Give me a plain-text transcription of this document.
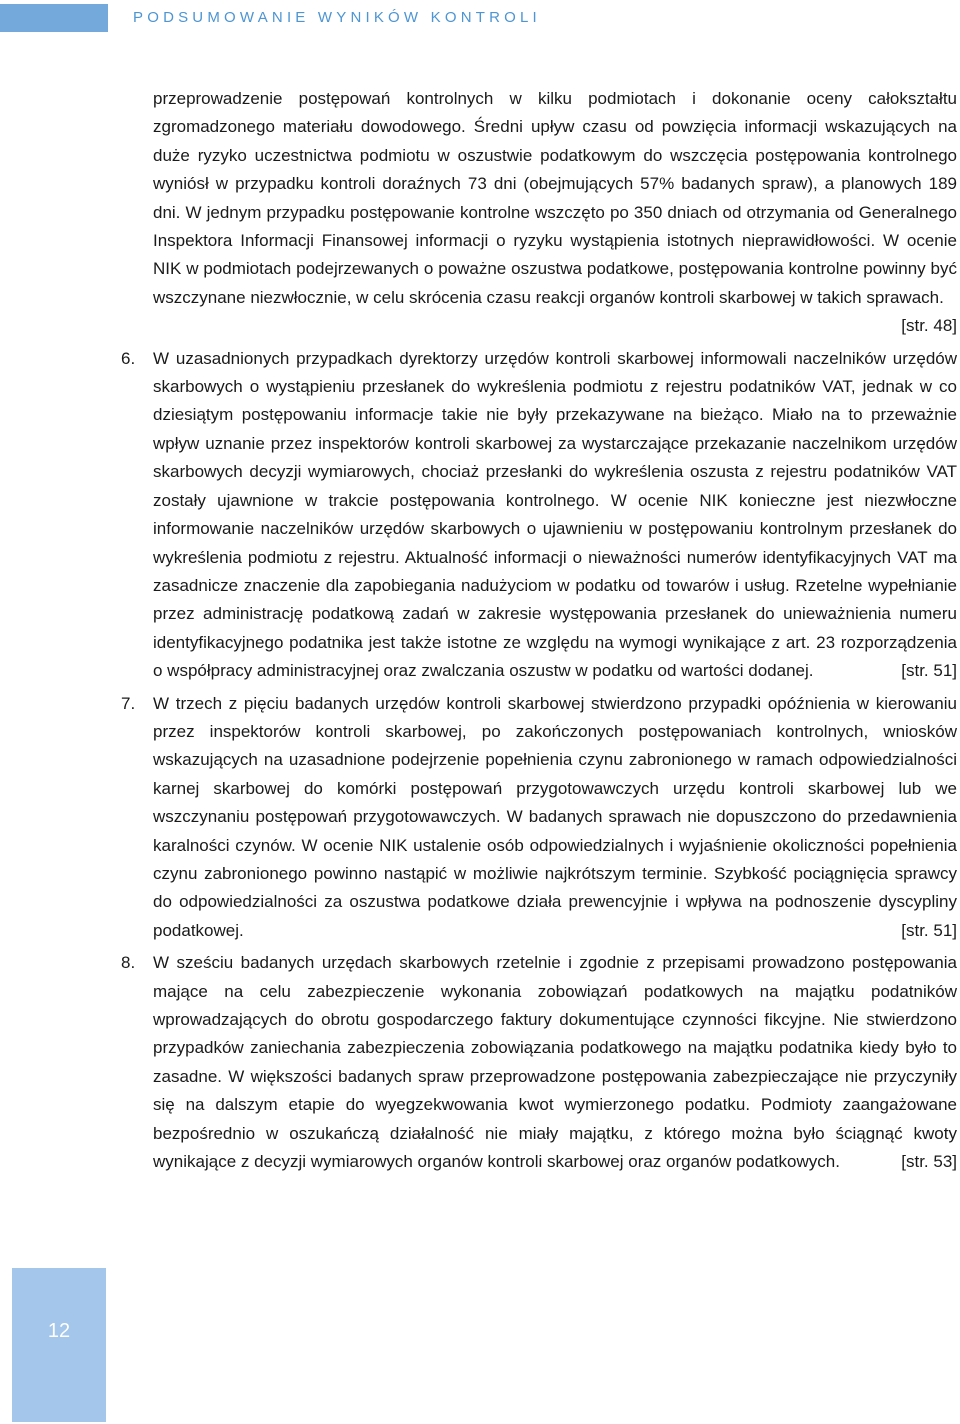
PODSUMOWANIE WYNIKÓW KONTROLI
przeprowadzenie postępowań kontrolnych w kilku podmiotach i dokonanie oceny całokształtu zgromadzonego materiału dowodowego. Średni upływ czasu od powzięcia informacji wskazujących na duże ryzyko uczestnictwa podmiotu w oszustwie podatkowym do wszczęcia postępowania kontrolnego wyniósł w przypadku kontroli doraźnych 73 dni (obejmujących 57% badanych spraw), a planowych 189 dni. W jednym przypadku postępowanie kontrolne wszczęto po 350 dniach od otrzymania od Generalnego Inspektora Informacji Finansowej informacji o ryzyku wystąpienia istotnych nieprawidłowości. W ocenie NIK w podmiotach podejrzewanych o poważne oszustwa podatkowe, postępowania kontrolne powinny być wszczynane niezwłocznie, w celu skrócenia czasu reakcji organów kontroli skarbowej w takich sprawach.
[str. 48]
6.	W uzasadnionych przypadkach dyrektorzy urzędów kontroli skarbowej informowali naczelników urzędów skarbowych o wystąpieniu przesłanek do wykreślenia podmiotu z rejestru podatników VAT, jednak w co dziesiątym postępowaniu informacje takie nie były przekazywane na bieżąco. Miało na to przeważnie wpływ uznanie przez inspektorów kontroli skarbowej za wystarczające przekazanie naczelnikom urzędów skarbowych decyzji wymiarowych, chociaż przesłanki do wykreślenia oszusta z rejestru podatników VAT zostały ujawnione w trakcie postępowania kontrolnego. W ocenie NIK konieczne jest niezwłoczne informowanie naczelników urzędów skarbowych o ujawnieniu w postępowaniu kontrolnym przesłanek do wykreślenia podmiotu z rejestru. Aktualność informacji o nieważności numerów identyfikacyjnych VAT ma zasadnicze znaczenie dla zapobiegania nadużyciom w podatku od towarów i usług. Rzetelne wypełnianie przez administrację podatkową zadań w zakresie występowania przesłanek do unieważnienia numeru identyfikacyjnego podatnika jest także istotne ze względu na wymogi wynikające z art. 23 rozporządzenia o współpracy administracyjnej oraz zwalczania oszustw w podatku od wartości dodanej.	[str. 51]
7.	W trzech z pięciu badanych urzędów kontroli skarbowej stwierdzono przypadki opóźnienia w kierowaniu przez inspektorów kontroli skarbowej, po zakończonych postępowaniach kontrolnych, wniosków wskazujących na uzasadnione podejrzenie popełnienia czynu zabronionego w ramach odpowiedzialności karnej skarbowej do komórki postępowań przygotowawczych urzędu kontroli skarbowej lub we wszczynaniu postępowań przygotowawczych. W badanych sprawach nie dopuszczono do przedawnienia karalności czynów. W ocenie NIK ustalenie osób odpowiedzialnych i wyjaśnienie okoliczności popełnienia czynu zabronionego powinno nastąpić w możliwie najkrótszym terminie. Szybkość pociągnięcia sprawcy do odpowiedzialności za oszustwa podatkowe działa prewencyjnie i wpływa na podnoszenie dyscypliny podatkowej.	[str. 51]
8.	W sześciu badanych urzędach skarbowych rzetelnie i zgodnie z przepisami prowadzono postępowania mające na celu zabezpieczenie wykonania zobowiązań podatkowych na majątku podatników wprowadzających do obrotu gospodarczego faktury dokumentujące czynności fikcyjne. Nie stwierdzono przypadków zaniechania zabezpieczenia zobowiązania podatkowego na majątku podatnika kiedy było to zasadne. W większości badanych spraw przeprowadzone postępowania zabezpieczające nie przyczyniły się na dalszym etapie do wyegzekwowania kwot wymierzonego podatku. Podmioty zaangażowane bezpośrednio w oszukańczą działalność nie miały majątku, z którego można było ściągnąć kwoty wynikające z decyzji wymiarowych organów kontroli skarbowej oraz organów podatkowych.	[str. 53]
12
